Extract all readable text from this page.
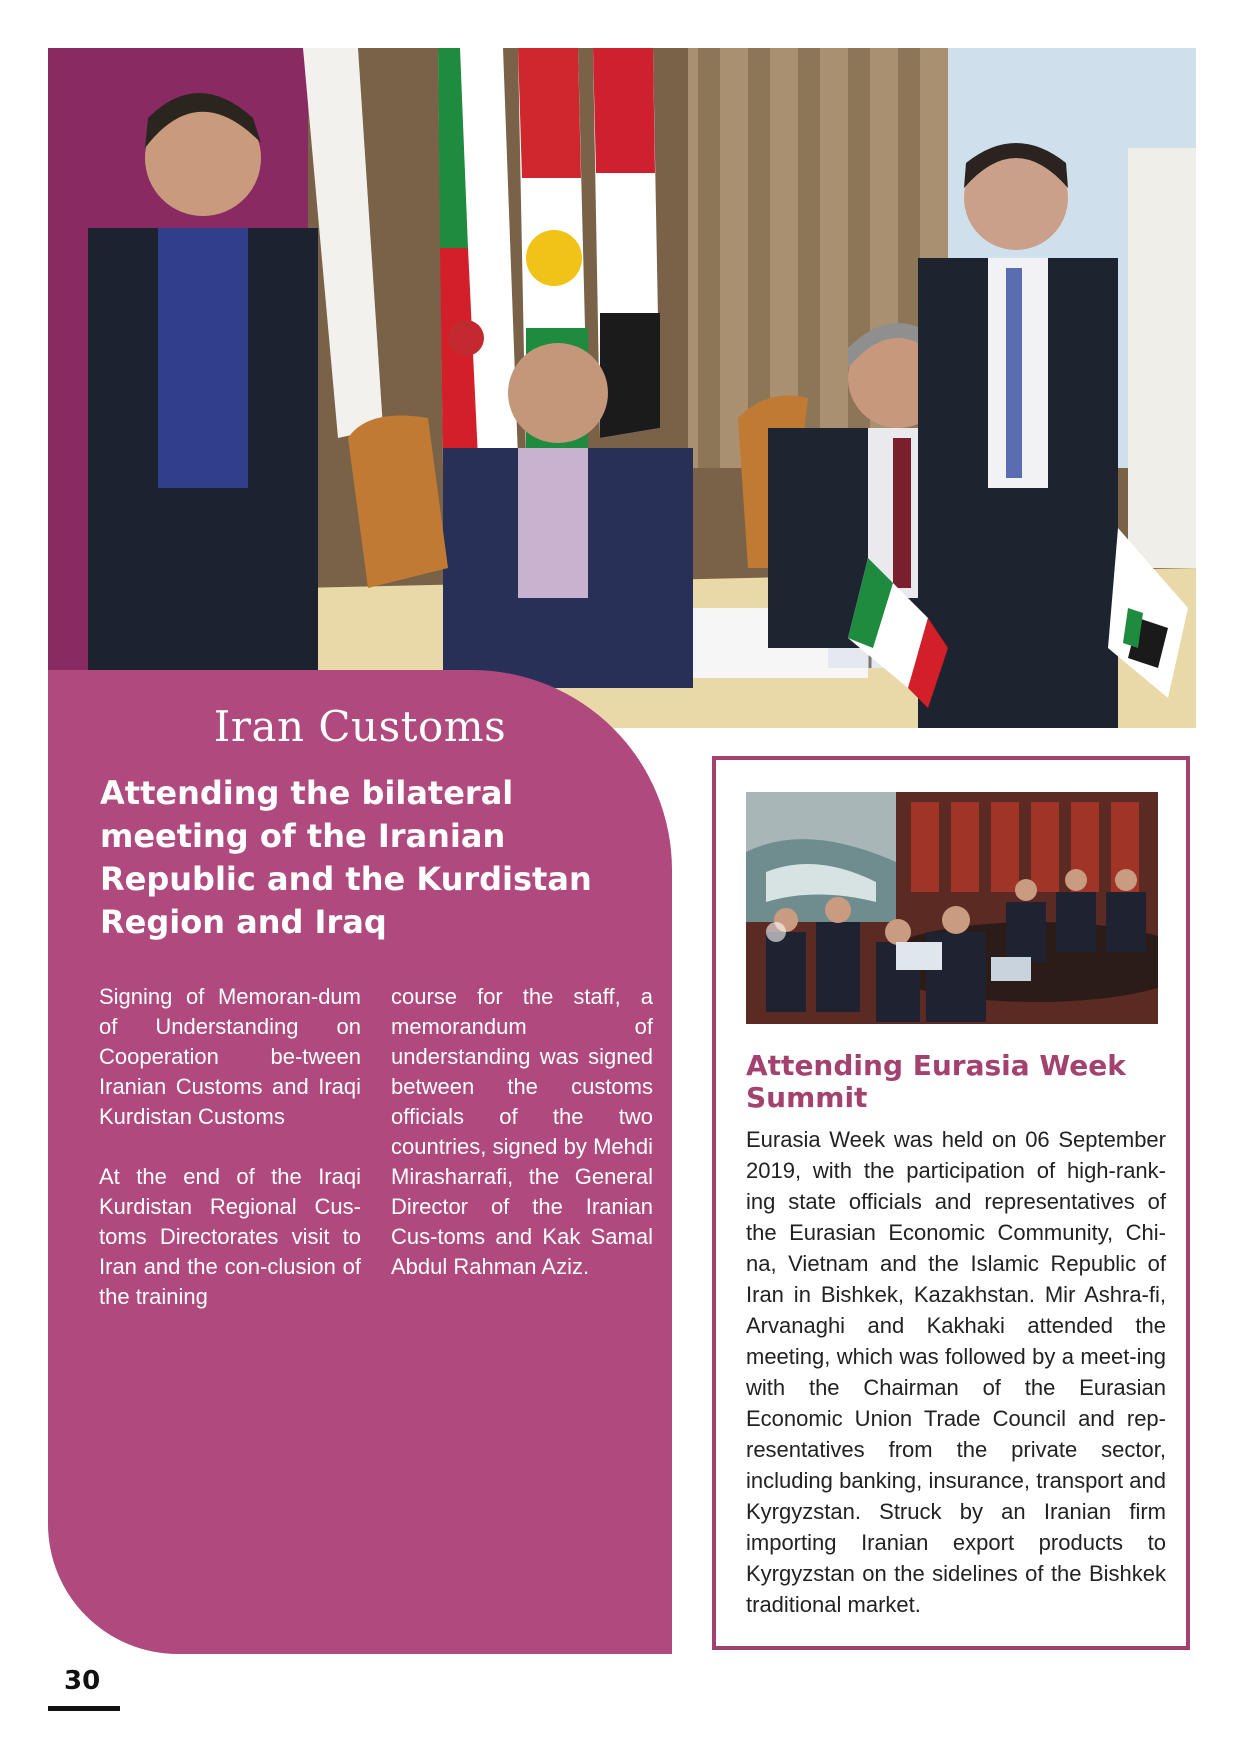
Iran Customs
Attending the bilateral meeting of the Iranian Republic and the Kurdistan Region and Iraq

Signing of Memoran-dum of Understanding on Cooperation be-tween Iranian Customs and Iraqi Kurdistan Customs

At the end of the Iraqi Kurdistan Regional Cus-toms Directorates visit to Iran and the con-clusion of the training

course for the staff, a memorandum of understanding was signed between the customs officials of the two countries, signed by Mehdi Mirasharrafi, the General Director of the Iranian Cus-toms and Kak Samal Abdul Rahman Aziz.

Attending Eurasia Week Summit

Eurasia Week was held on 06 September 2019, with the participation of high-rank-ing state officials and representatives of the Eurasian Economic Community, Chi-na, Vietnam and the Islamic Republic of Iran in Bishkek, Kazakhstan. Mir Ashra-fi, Arvanaghi and Kakhaki attended the meeting, which was followed by a meet-ing with the Chairman of the Eurasian Economic Union Trade Council and rep-resentatives from the private sector, including banking, insurance, transport and Kyrgyzstan. Struck by an Iranian firm importing Iranian export products to Kyrgyzstan on the sidelines of the Bishkek traditional market.

30
